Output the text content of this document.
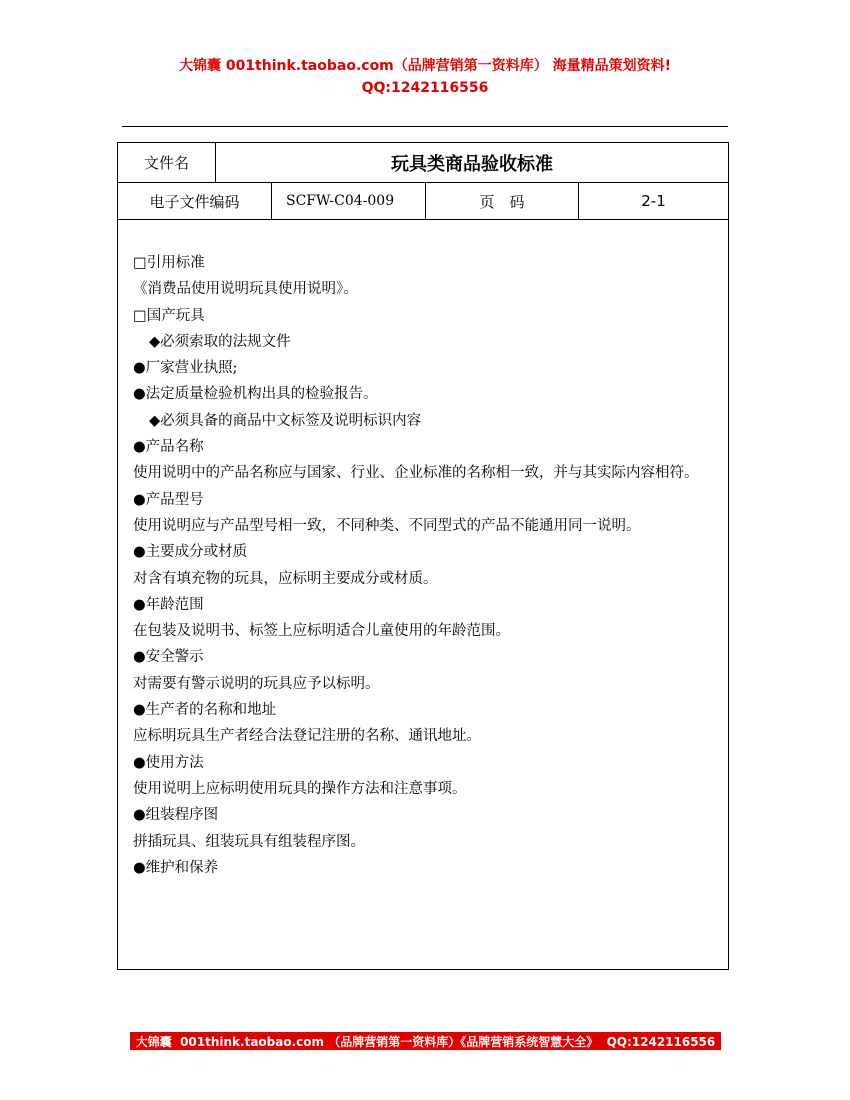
大锦囊 001think.taobao.com（品牌营销第一资料库） 海量精品策划资料!
QQ:1242116556
文件名	玩具类商品验收标准
电子文件编码	SCFW-C04-009	页　码	2-1

□引用标准

《消费品使用说明玩具使用说明》。

□国产玩具

◆必须索取的法规文件

●厂家营业执照;

●法定质量检验机构出具的检验报告。

◆必须具备的商品中文标签及说明标识内容

●产品名称

使用说明中的产品名称应与国家、行业、企业标准的名称相一致，并与其实际内容相符。

●产品型号

使用说明应与产品型号相一致，不同种类、不同型式的产品不能通用同一说明。

●主要成分或材质

对含有填充物的玩具，应标明主要成分或材质。

●年龄范围

在包装及说明书、标签上应标明适合儿童使用的年龄范围。

●安全警示

对需要有警示说明的玩具应予以标明。

●生产者的名称和地址

应标明玩具生产者经合法登记注册的名称、通讯地址。

●使用方法

使用说明上应标明使用玩具的操作方法和注意事项。

●组装程序图

拼插玩具、组装玩具有组装程序图。

●维护和保养

大锦囊  001think.taobao.com （品牌营销第一资料库）《品牌营销系统智慧大全》  QQ:1242116556
